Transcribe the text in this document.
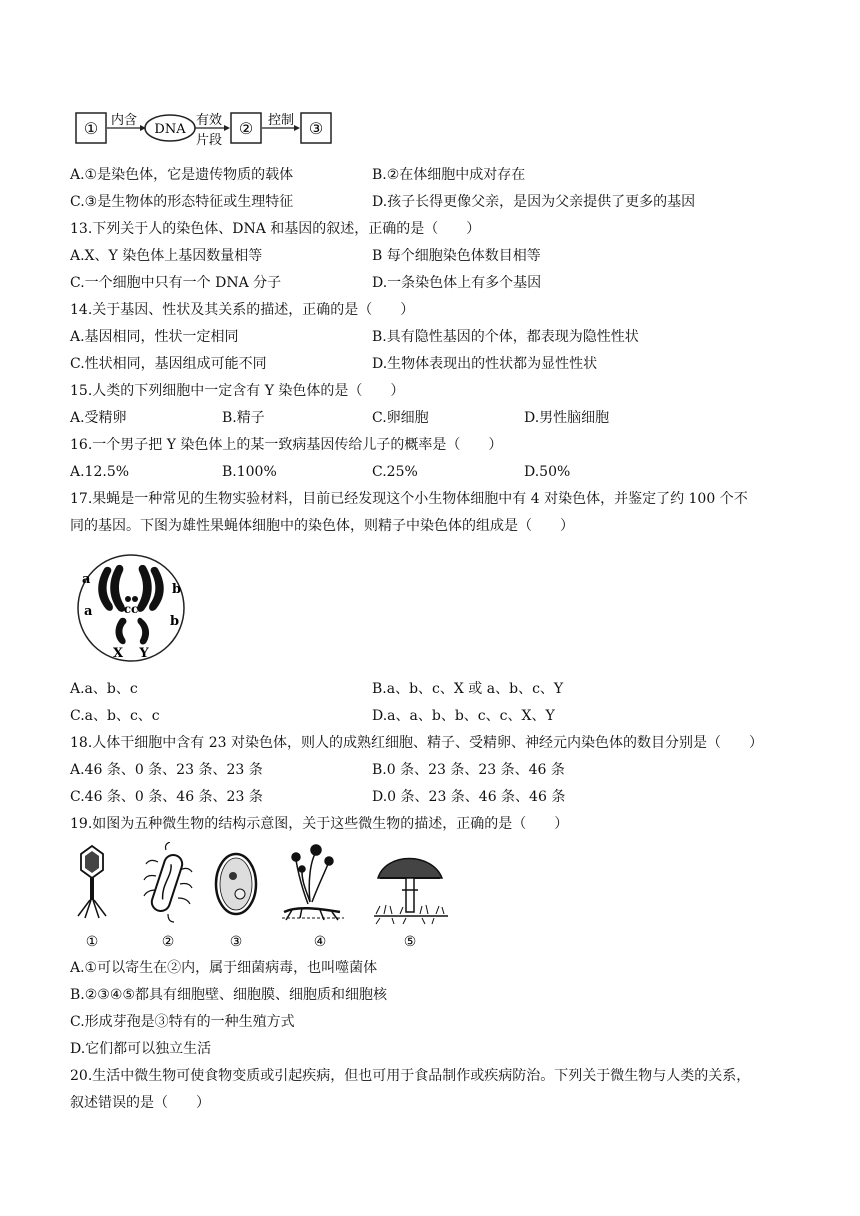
① 内含
DNA
有效
片段
② 控制 ③
A.①是染色体，它是遗传物质的载体	B.②在体细胞中成对存在
C.③是生物体的形态特征或生理特征	D.孩子长得更像父亲，是因为父亲提供了更多的基因
13.下列关于人的染色体、DNA 和基因的叙述，正确的是（　　）
A.X、Y 染色体上基因数量相等	B 每个细胞染色体数目相等
C.一个细胞中只有一个 DNA 分子	D.一条染色体上有多个基因
14.关于基因、性状及其关系的描述，正确的是（　　）
A.基因相同，性状一定相同	B.具有隐性基因的个体，都表现为隐性性状
C.性状相同，基因组成可能不同	D.生物体表现出的性状都为显性性状
15.人类的下列细胞中一定含有 Y 染色体的是（　　）
A.受精卵	B.精子	C.卵细胞	D.男性脑细胞
16.一个男子把 Y 染色体上的某一致病基因传给儿子的概率是（　　）
A.12.5%	B.100%	C.25%	D.50%
17.果蝇是一种常见的生物实验材料，目前已经发现这个小生物体细胞中有 4 对染色体，并鉴定了约 100 个不
同的基因。下图为雄性果蝇体细胞中的染色体，则精子中染色体的组成是（　　）
a
a
b
b
cc
X Y
A.a、b、c	B.a、b、c、X 或 a、b、c、Y
C.a、b、c、c	D.a、a、b、b、c、c、X、Y
18.人体干细胞中含有 23 对染色体，则人的成熟红细胞、精子、受精卵、神经元内染色体的数目分别是（　　）
A.46 条、0 条、23 条、23 条	B.0 条、23 条、23 条、46 条
C.46 条、0 条、46 条、23 条	D.0 条、23 条、46 条、46 条
19.如图为五种微生物的结构示意图，关于这些微生物的描述，正确的是（　　）
①	②	③	④	⑤
A.①可以寄生在②内，属于细菌病毒，也叫噬菌体
B.②③④⑤都具有细胞壁、细胞膜、细胞质和细胞核
C.形成芽孢是③特有的一种生殖方式
D.它们都可以独立生活
20.生活中微生物可使食物变质或引起疾病，但也可用于食品制作或疾病防治。下列关于微生物与人类的关系，
叙述错误的是（　　）
